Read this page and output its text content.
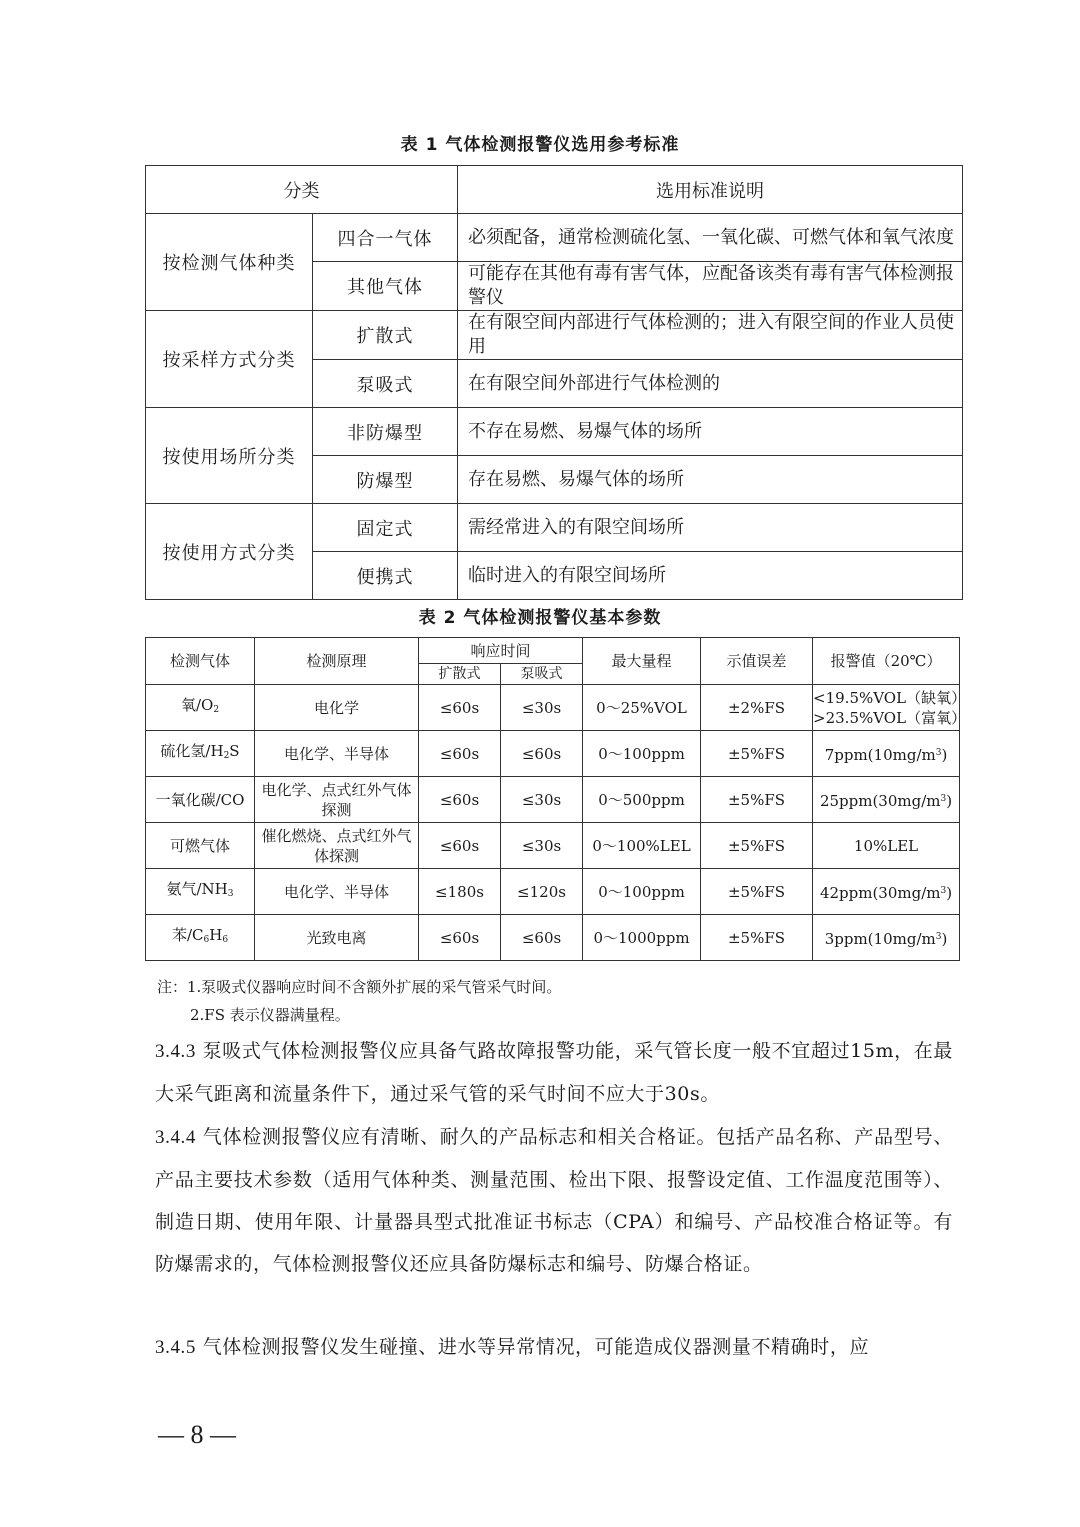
表 1 气体检测报警仪选用参考标准
分类		选用标准说明
按检测气体种类	四合一气体	必须配备，通常检测硫化氢、一氧化碳、可燃气体和氧气浓度
	其他气体	可能存在其他有毒有害气体，应配备该类有毒有害气体检测报警仪
按采样方式分类	扩散式	在有限空间内部进行气体检测的；进入有限空间的作业人员使用
	泵吸式	在有限空间外部进行气体检测的
按使用场所分类	非防爆型	不存在易燃、易爆气体的场所
	防爆型	存在易燃、易爆气体的场所
按使用方式分类	固定式	需经常进入的有限空间场所
	便携式	临时进入的有限空间场所
表 2 气体检测报警仪基本参数
检测气体	检测原理	响应时间		最大量程	示值误差	报警值（20℃）
		扩散式	泵吸式			
氧$/O_2$	电化学	≤60s	≤30s	0～25%VOL	±2%FS	<19.5%VOL（缺氧）
>23.5%VOL（富氧）

硫化氢$/H_2S$	电化学、半导体	≤60s	≤60s	0～100ppm	±5%FS	$7ppm(10mg/m^3)$
一氧化碳/CO	电化学、点式红外气体探测	≤60s	≤30s	0～500ppm	±5%FS	$25ppm(30mg/m^3)$
可燃气体	催化燃烧、点式红外气体探测	≤60s	≤30s	0～100%LEL	±5%FS	10%LEL
氨气$/NH_3$	电化学、半导体	≤180s	≤120s	0～100ppm	±5%FS	$42ppm(30mg/m^3)$
苯$/C_6H_6$	光致电离	≤60s	≤60s	0～1000ppm	±5%FS	$3ppm(10mg/m^3)$
注：1.泵吸式仪器响应时间不含额外扩展的采气管采气时间。
2.FS 表示仪器满量程。
3.4.3 泵吸式气体检测报警仪应具备气路故障报警功能，采气管长度一般不宜超过15m，在最大采气距离和流量条件下，通过采气管的采气时间不应大于30s。
3.4.4 气体检测报警仪应有清晰、耐久的产品标志和相关合格证。包括产品名称、产品型号、产品主要技术参数（适用气体种类、测量范围、检出下限、报警设定值、工作温度范围等）、制造日期、使用年限、计量器具型式批准证书标志（CPA）和编号、产品校准合格证等。有防爆需求的，气体检测报警仪还应具备防爆标志和编号、防爆合格证。
3.4.5 气体检测报警仪发生碰撞、进水等异常情况，可能造成仪器测量不精确时，应
— 8 —
